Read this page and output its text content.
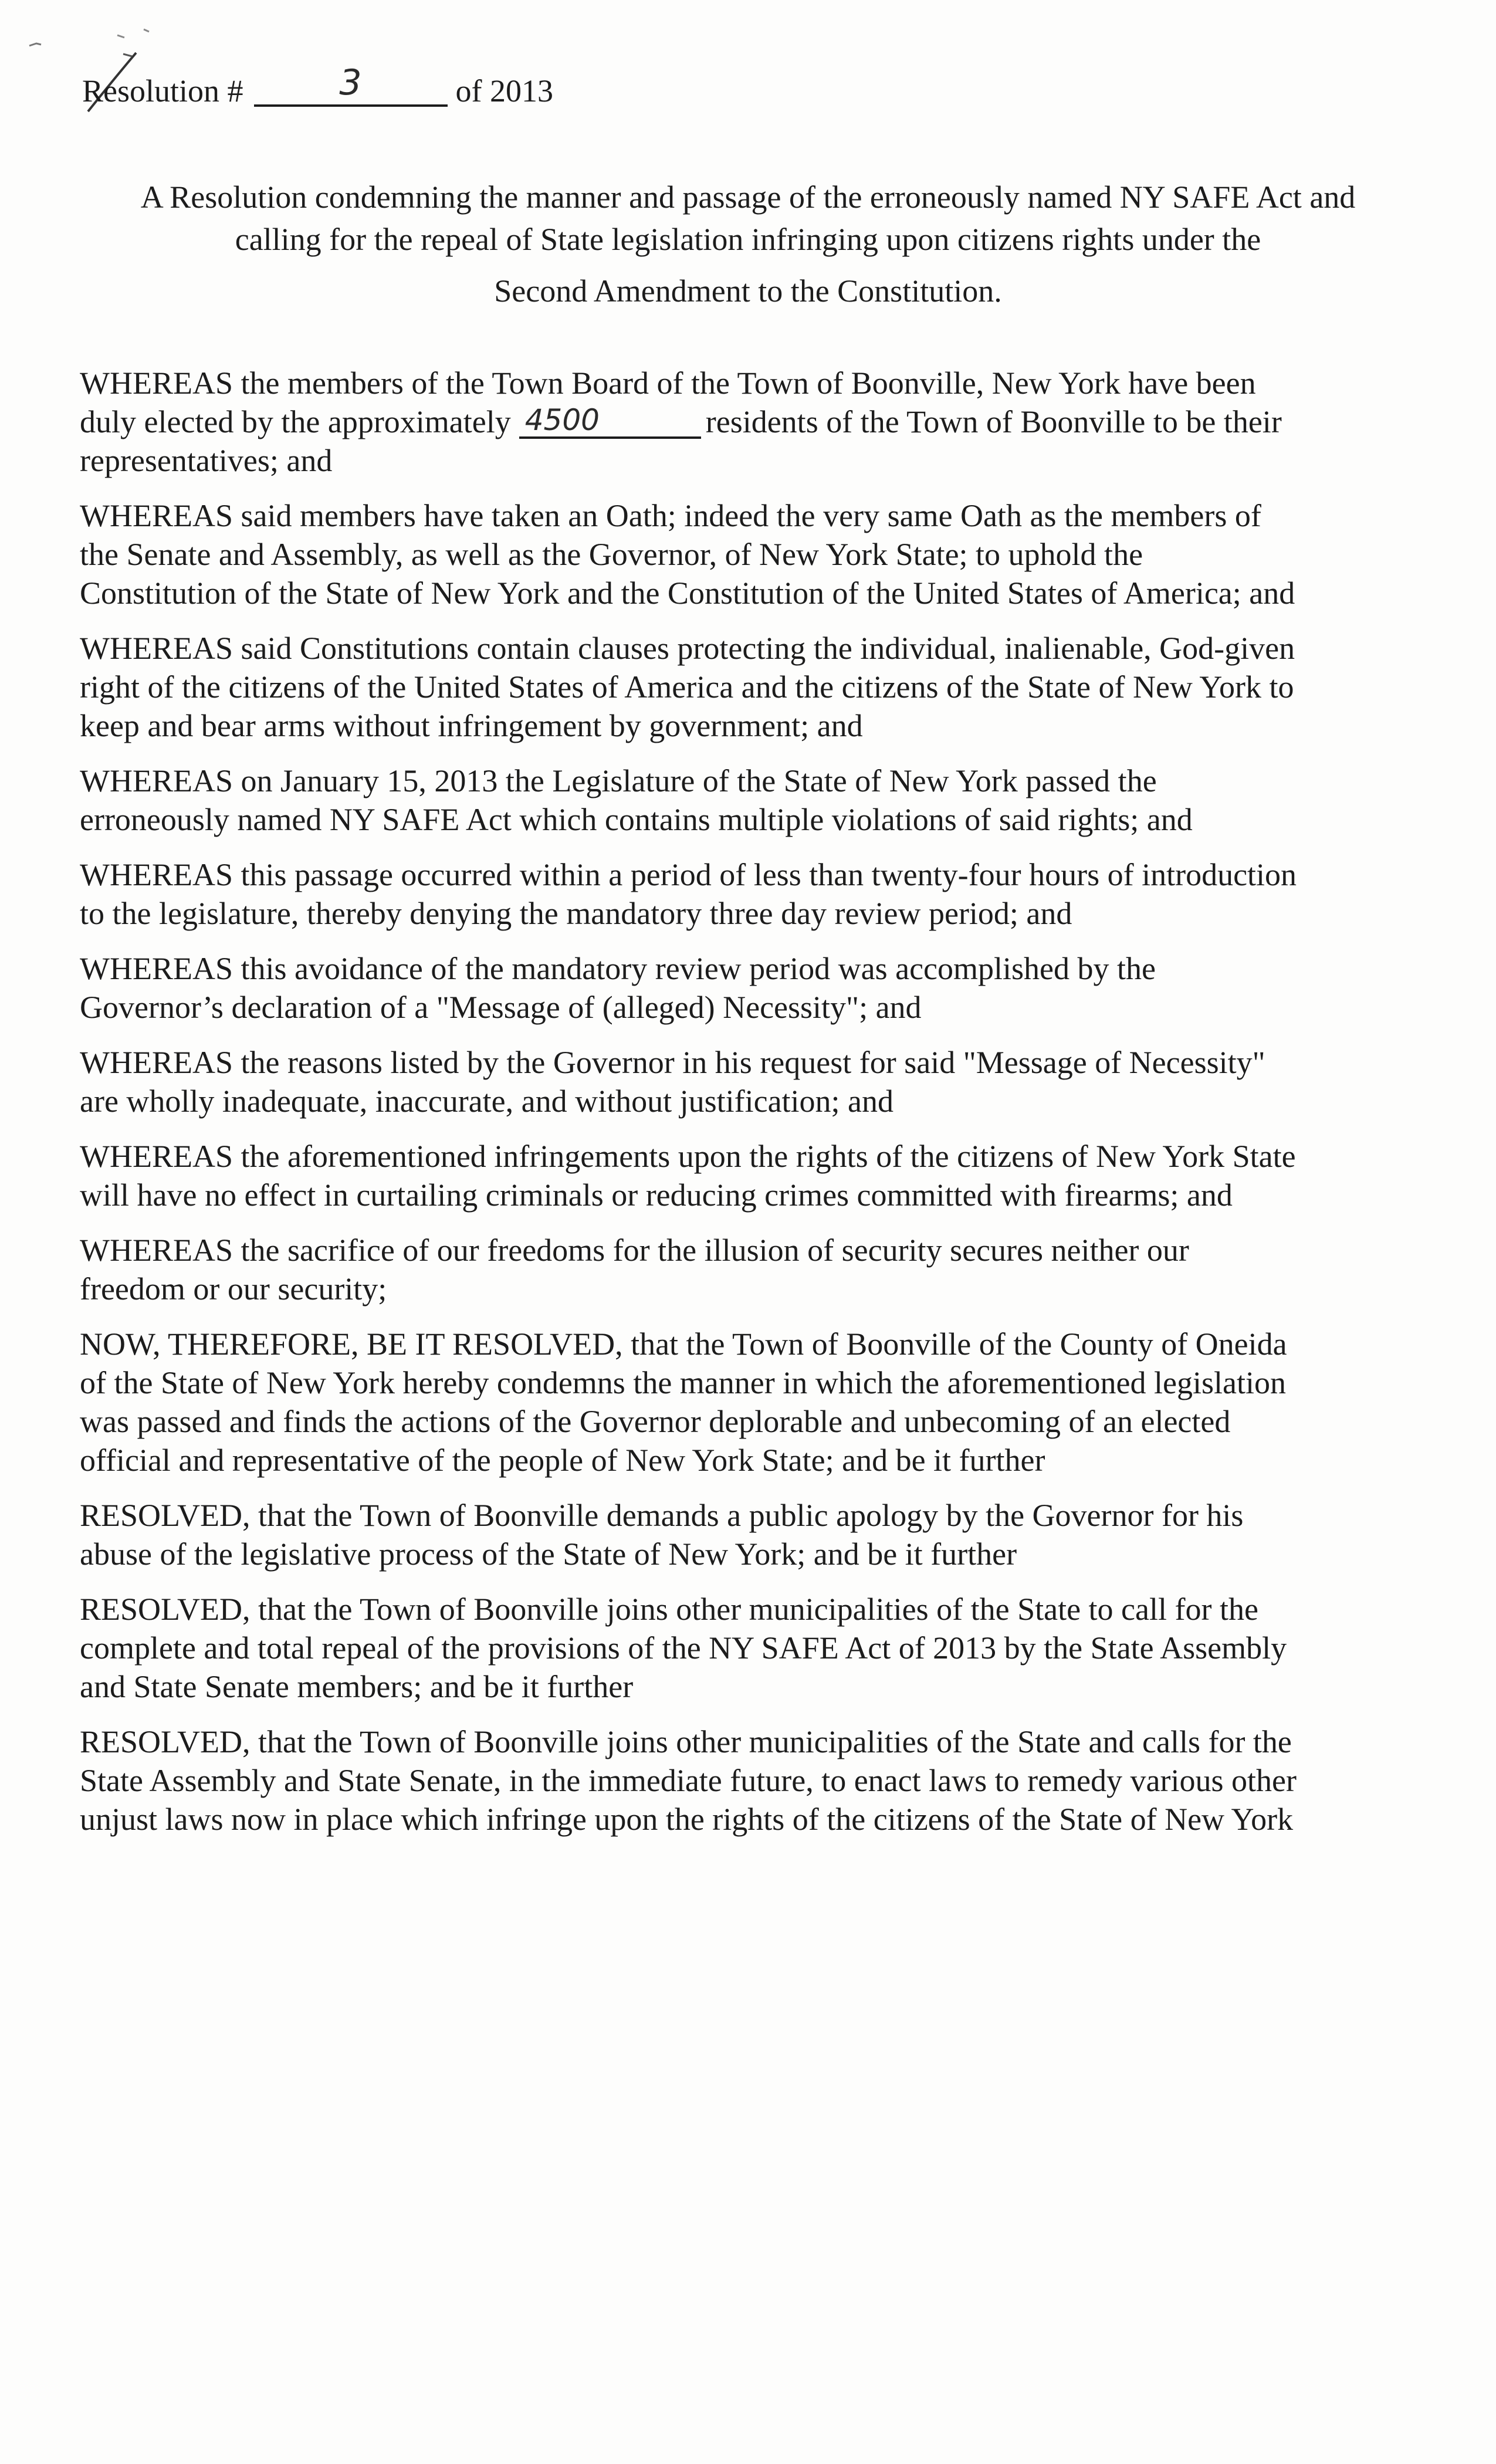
Resolution #	3	of 2013
A Resolution condemning the manner and passage of the erroneously named NY SAFE Act and
calling for the repeal of State legislation infringing upon citizens rights under the
Second Amendment to the Constitution.
WHEREAS the members of the Town Board of the Town of Boonville, New York have been
duly elected by the approximately 4500	residents of the Town of Boonville to be their
representatives; and
WHEREAS said members have taken an Oath; indeed the very same Oath as the members of
the Senate and Assembly, as well as the Governor, of New York State; to uphold the
Constitution of the State of New York and the Constitution of the United States of America; and
WHEREAS said Constitutions contain clauses protecting the individual, inalienable, God-given
right of the citizens of the United States of America and the citizens of the State of New York to
keep and bear arms without infringement by government; and
WHEREAS on January 15, 2013 the Legislature of the State of New York passed the
erroneously named NY SAFE Act which contains multiple violations of said rights; and
WHEREAS this passage occurred within a period of less than twenty-four hours of introduction
to the legislature, thereby denying the mandatory three day review period; and
WHEREAS this avoidance of the mandatory review period was accomplished by the
Governor’s declaration of a "Message of (alleged) Necessity"; and
WHEREAS the reasons listed by the Governor in his request for said "Message of Necessity"
are wholly inadequate, inaccurate, and without justification; and
WHEREAS the aforementioned infringements upon the rights of the citizens of New York State
will have no effect in curtailing criminals or reducing crimes committed with firearms; and
WHEREAS the sacrifice of our freedoms for the illusion of security secures neither our
freedom or our security;
NOW, THEREFORE, BE IT RESOLVED, that the Town of Boonville of the County of Oneida
of the State of New York hereby condemns the manner in which the aforementioned legislation
was passed and finds the actions of the Governor deplorable and unbecoming of an elected
official and representative of the people of New York State; and be it further
RESOLVED, that the Town of Boonville demands a public apology by the Governor for his
abuse of the legislative process of the State of New York; and be it further
RESOLVED, that the Town of Boonville joins other municipalities of the State to call for the
complete and total repeal of the provisions of the NY SAFE Act of 2013 by the State Assembly
and State Senate members; and be it further
RESOLVED, that the Town of Boonville joins other municipalities of the State and calls for the
State Assembly and State Senate, in the immediate future, to enact laws to remedy various other
unjust laws now in place which infringe upon the rights of the citizens of the State of New York
